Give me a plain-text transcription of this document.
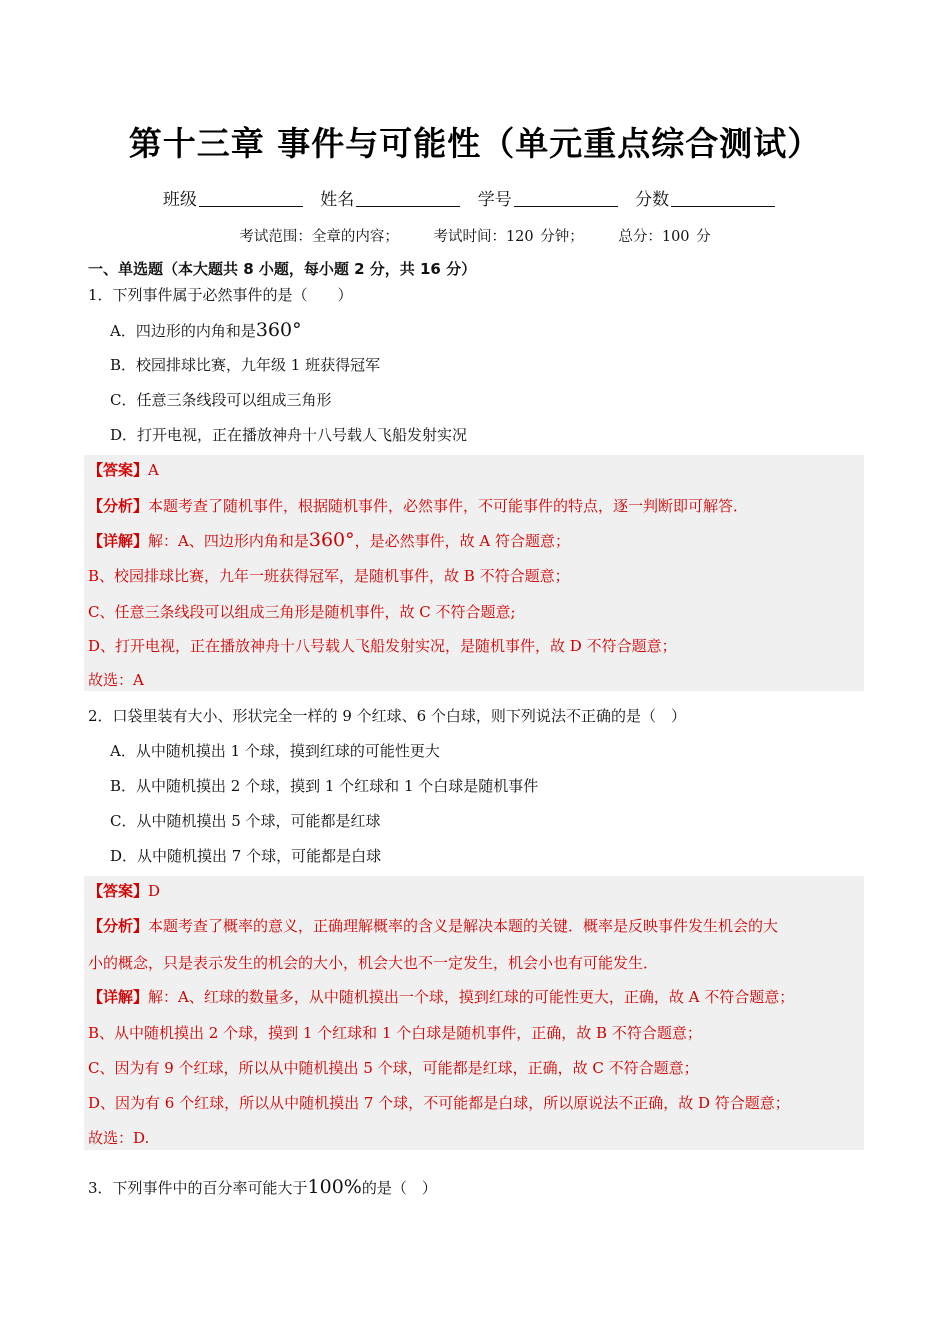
第十三章 事件与可能性（单元重点综合测试）
班级	姓名	学号	分数
考试范围：全章的内容； 考试时间：120 分钟； 总分：100 分
一、单选题（本大题共 8 小题，每小题 2 分，共 16 分）
1．下列事件属于必然事件的是（　　）
A．四边形的内角和是360°
B．校园排球比赛，九年级 1 班获得冠军
C．任意三条线段可以组成三角形
D．打开电视，正在播放神舟十八号载人飞船发射实况
【答案】A
【分析】本题考查了随机事件，根据随机事件，必然事件，不可能事件的特点，逐一判断即可解答．
【详解】解：A、四边形内角和是360°，是必然事件，故 A 符合题意；
B、校园排球比赛，九年一班获得冠军，是随机事件，故 B 不符合题意；
C、任意三条线段可以组成三角形是随机事件，故 C 不符合题意;
D、打开电视，正在播放神舟十八号载人飞船发射实况，是随机事件，故 D 不符合题意；
故选：A
2．口袋里装有大小、形状完全一样的 9 个红球、6 个白球，则下列说法不正确的是（　）
A．从中随机摸出 1 个球，摸到红球的可能性更大
B．从中随机摸出 2 个球，摸到 1 个红球和 1 个白球是随机事件
C．从中随机摸出 5 个球，可能都是红球
D．从中随机摸出 7 个球，可能都是白球
【答案】D
【分析】本题考查了概率的意义，正确理解概率的含义是解决本题的关键．概率是反映事件发生机会的大
小的概念，只是表示发生的机会的大小，机会大也不一定发生，机会小也有可能发生．
【详解】解：A、红球的数量多，从中随机摸出一个球，摸到红球的可能性更大，正确，故 A 不符合题意；
B、从中随机摸出 2 个球，摸到 1 个红球和 1 个白球是随机事件，正确，故 B 不符合题意；
C、因为有 9 个红球，所以从中随机摸出 5 个球，可能都是红球，正确，故 C 不符合题意；
D、因为有 6 个红球，所以从中随机摸出 7 个球，不可能都是白球，所以原说法不正确，故 D 符合题意；
故选：D.
3．下列事件中的百分率可能大于100%的是（　）
